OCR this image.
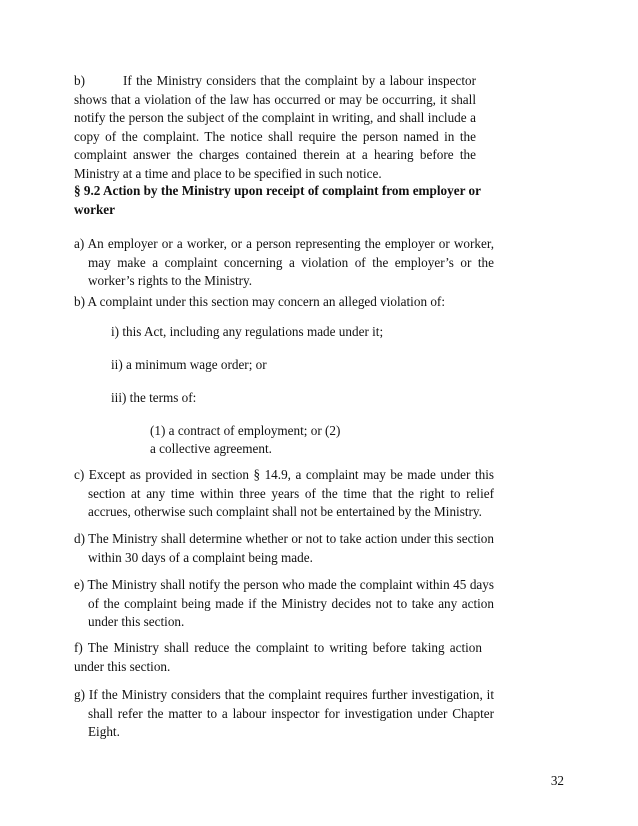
b)	If the Ministry considers that the complaint by a labour inspector shows that a violation of the law has occurred or may be occurring, it shall notify the person the subject of the complaint in writing, and shall include a copy of the complaint. The notice shall require the person named in the complaint answer the charges contained therein at a hearing before the Ministry at a time and place to be specified in such notice.

§ 9.2 Action by the Ministry upon receipt of complaint from employer or worker

a) An employer or a worker, or a person representing the employer or worker, may make a complaint concerning a violation of the employer’s or the worker’s rights to the Ministry.

b) A complaint under this section may concern an alleged violation of:

i) this Act, including any regulations made under it;

ii) a minimum wage order; or

iii) the terms of:

(1) a contract of employment; or (2)

a collective agreement.

c) Except as provided in section § 14.9, a complaint may be made under this section at any time within three years of the time that the right to relief accrues, otherwise such complaint shall not be entertained by the Ministry.

d) The Ministry shall determine whether or not to take action under this section within 30 days of a complaint being made.

e) The Ministry shall notify the person who made the complaint within 45 days of the complaint being made if the Ministry decides not to take any action under this section.

f) The Ministry shall reduce the complaint to writing before taking action under this section.

g) If the Ministry considers that the complaint requires further investigation, it shall refer the matter to a labour inspector for investigation under Chapter Eight.

32
